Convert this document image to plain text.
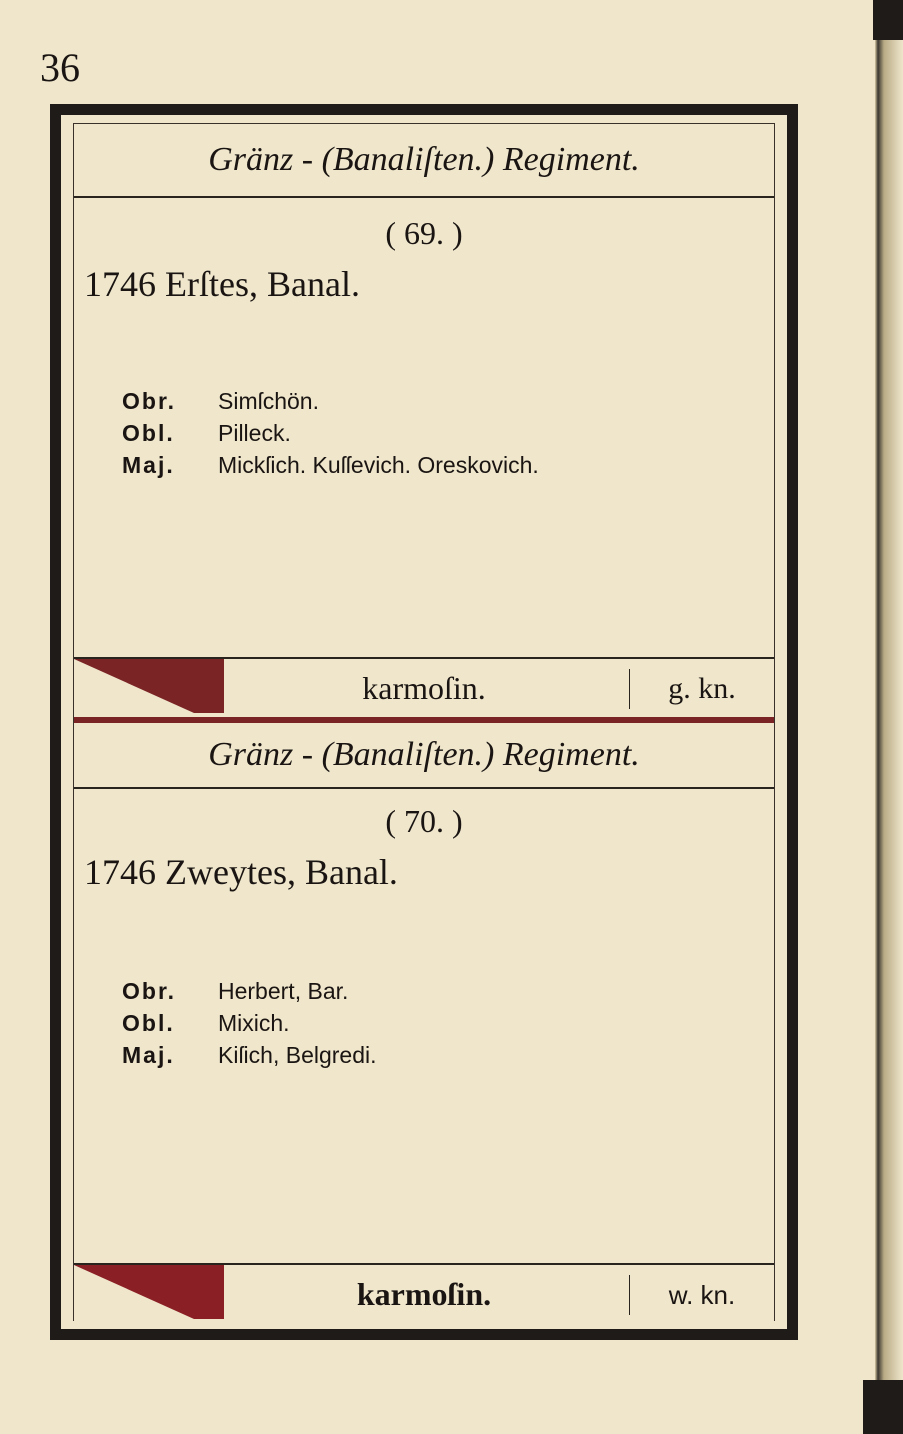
36
Gränz - (Banaliſten.) Regiment.
( 69. )
1746 Erſtes, Banal.
Obr.	Simſchön.
Obl.	Pilleck.
Maj.	Mickſich. Kuſſevich. Oreskovich.
karmoſin.	g. kn.
Gränz - (Banaliſten.) Regiment.
( 70. )
1746 Zweytes, Banal.
Obr.	Herbert, Bar.
Obl.	Mixich.
Maj.	Kiſich, Belgredi.
karmoſin.	w. kn.
